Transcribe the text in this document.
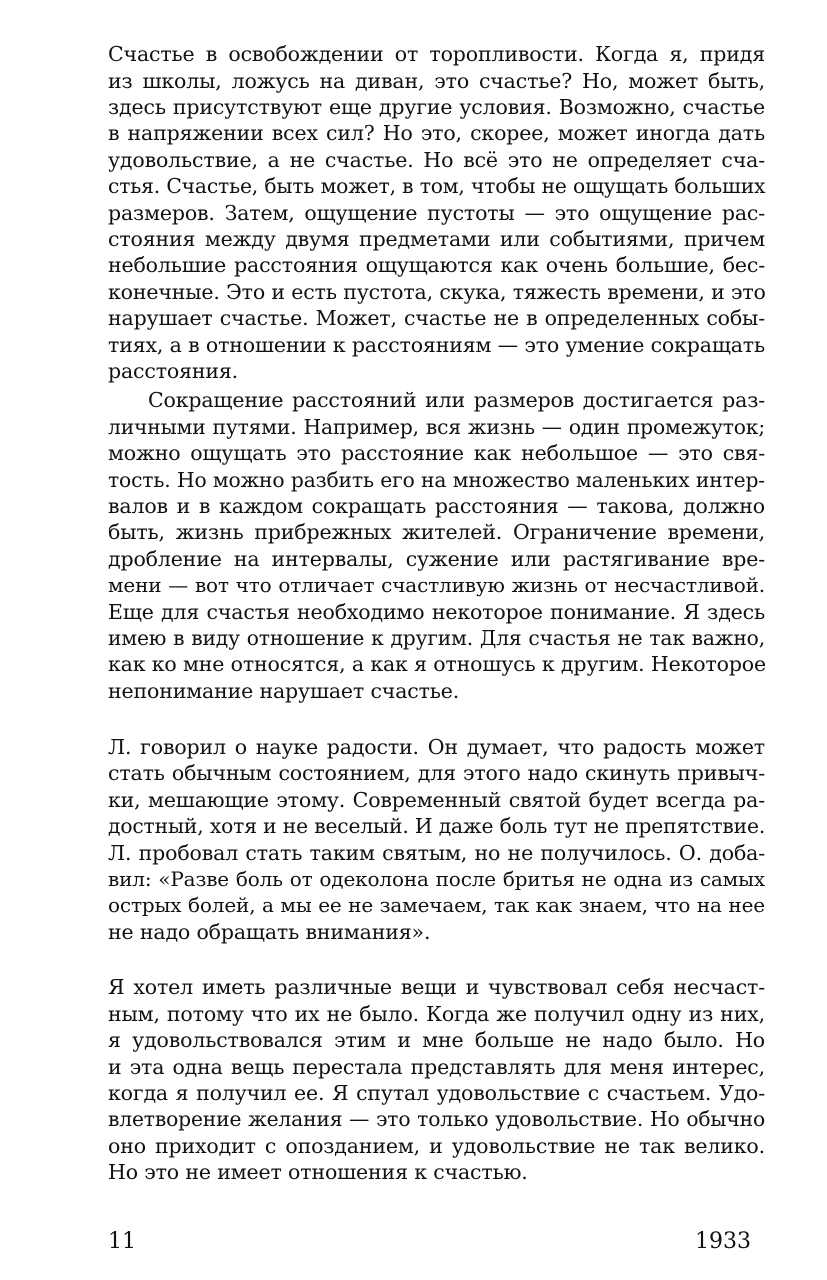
Счастье в освобождении от торопливости. Когда я, придя
из школы, ложусь на диван, это счастье? Но, может быть,
здесь присутствуют еще другие условия. Возможно, счастье
в напряжении всех сил? Но это, скорее, может иногда дать
удовольствие, а не счастье. Но всё это не определяет сча-
стья. Счастье, быть может, в том, чтобы не ощущать больших
размеров. Затем, ощущение пустоты — это ощущение рас-
стояния между двумя предметами или событиями, причем
небольшие расстояния ощущаются как очень большие, бес-
конечные. Это и есть пустота, скука, тяжесть времени, и это
нарушает счастье. Может, счастье не в определенных собы-
тиях, а в отношении к расстояниям — это умение сокращать
расстояния.
Сокращение расстояний или размеров достигается раз-
личными путями. Например, вся жизнь — один промежуток;
можно ощущать это расстояние как небольшое — это свя-
тость. Но можно разбить его на множество маленьких интер-
валов и в каждом сокращать расстояния — такова, должно
быть, жизнь прибрежных жителей. Ограничение времени,
дробление на интервалы, сужение или растягивание вре-
мени — вот что отличает счастливую жизнь от несчастливой.
Еще для счастья необходимо некоторое понимание. Я здесь
имею в виду отношение к другим. Для счастья не так важно,
как ко мне относятся, а как я отношусь к другим. Некоторое
непонимание нарушает счастье.
Л. говорил о науке радости. Он думает, что радость может
стать обычным состоянием, для этого надо скинуть привыч-
ки, мешающие этому. Современный святой будет всегда ра-
достный, хотя и не веселый. И даже боль тут не препятствие.
Л. пробовал стать таким святым, но не получилось. О. доба-
вил: «Разве боль от одеколона после бритья не одна из самых
острых болей, а мы ее не замечаем, так как знаем, что на нее
не надо обращать внимания».
Я хотел иметь различные вещи и чувствовал себя несчаст-
ным, потому что их не было. Когда же получил одну из них,
я удовольствовался этим и мне больше не надо было. Но
и эта одна вещь перестала представлять для меня интерес,
когда я получил ее. Я спутал удовольствие с счастьем. Удо-
влетворение желания — это только удовольствие. Но обычно
оно приходит с опозданием, и удовольствие не так велико.
Но это не имеет отношения к счастью.
11	1933
